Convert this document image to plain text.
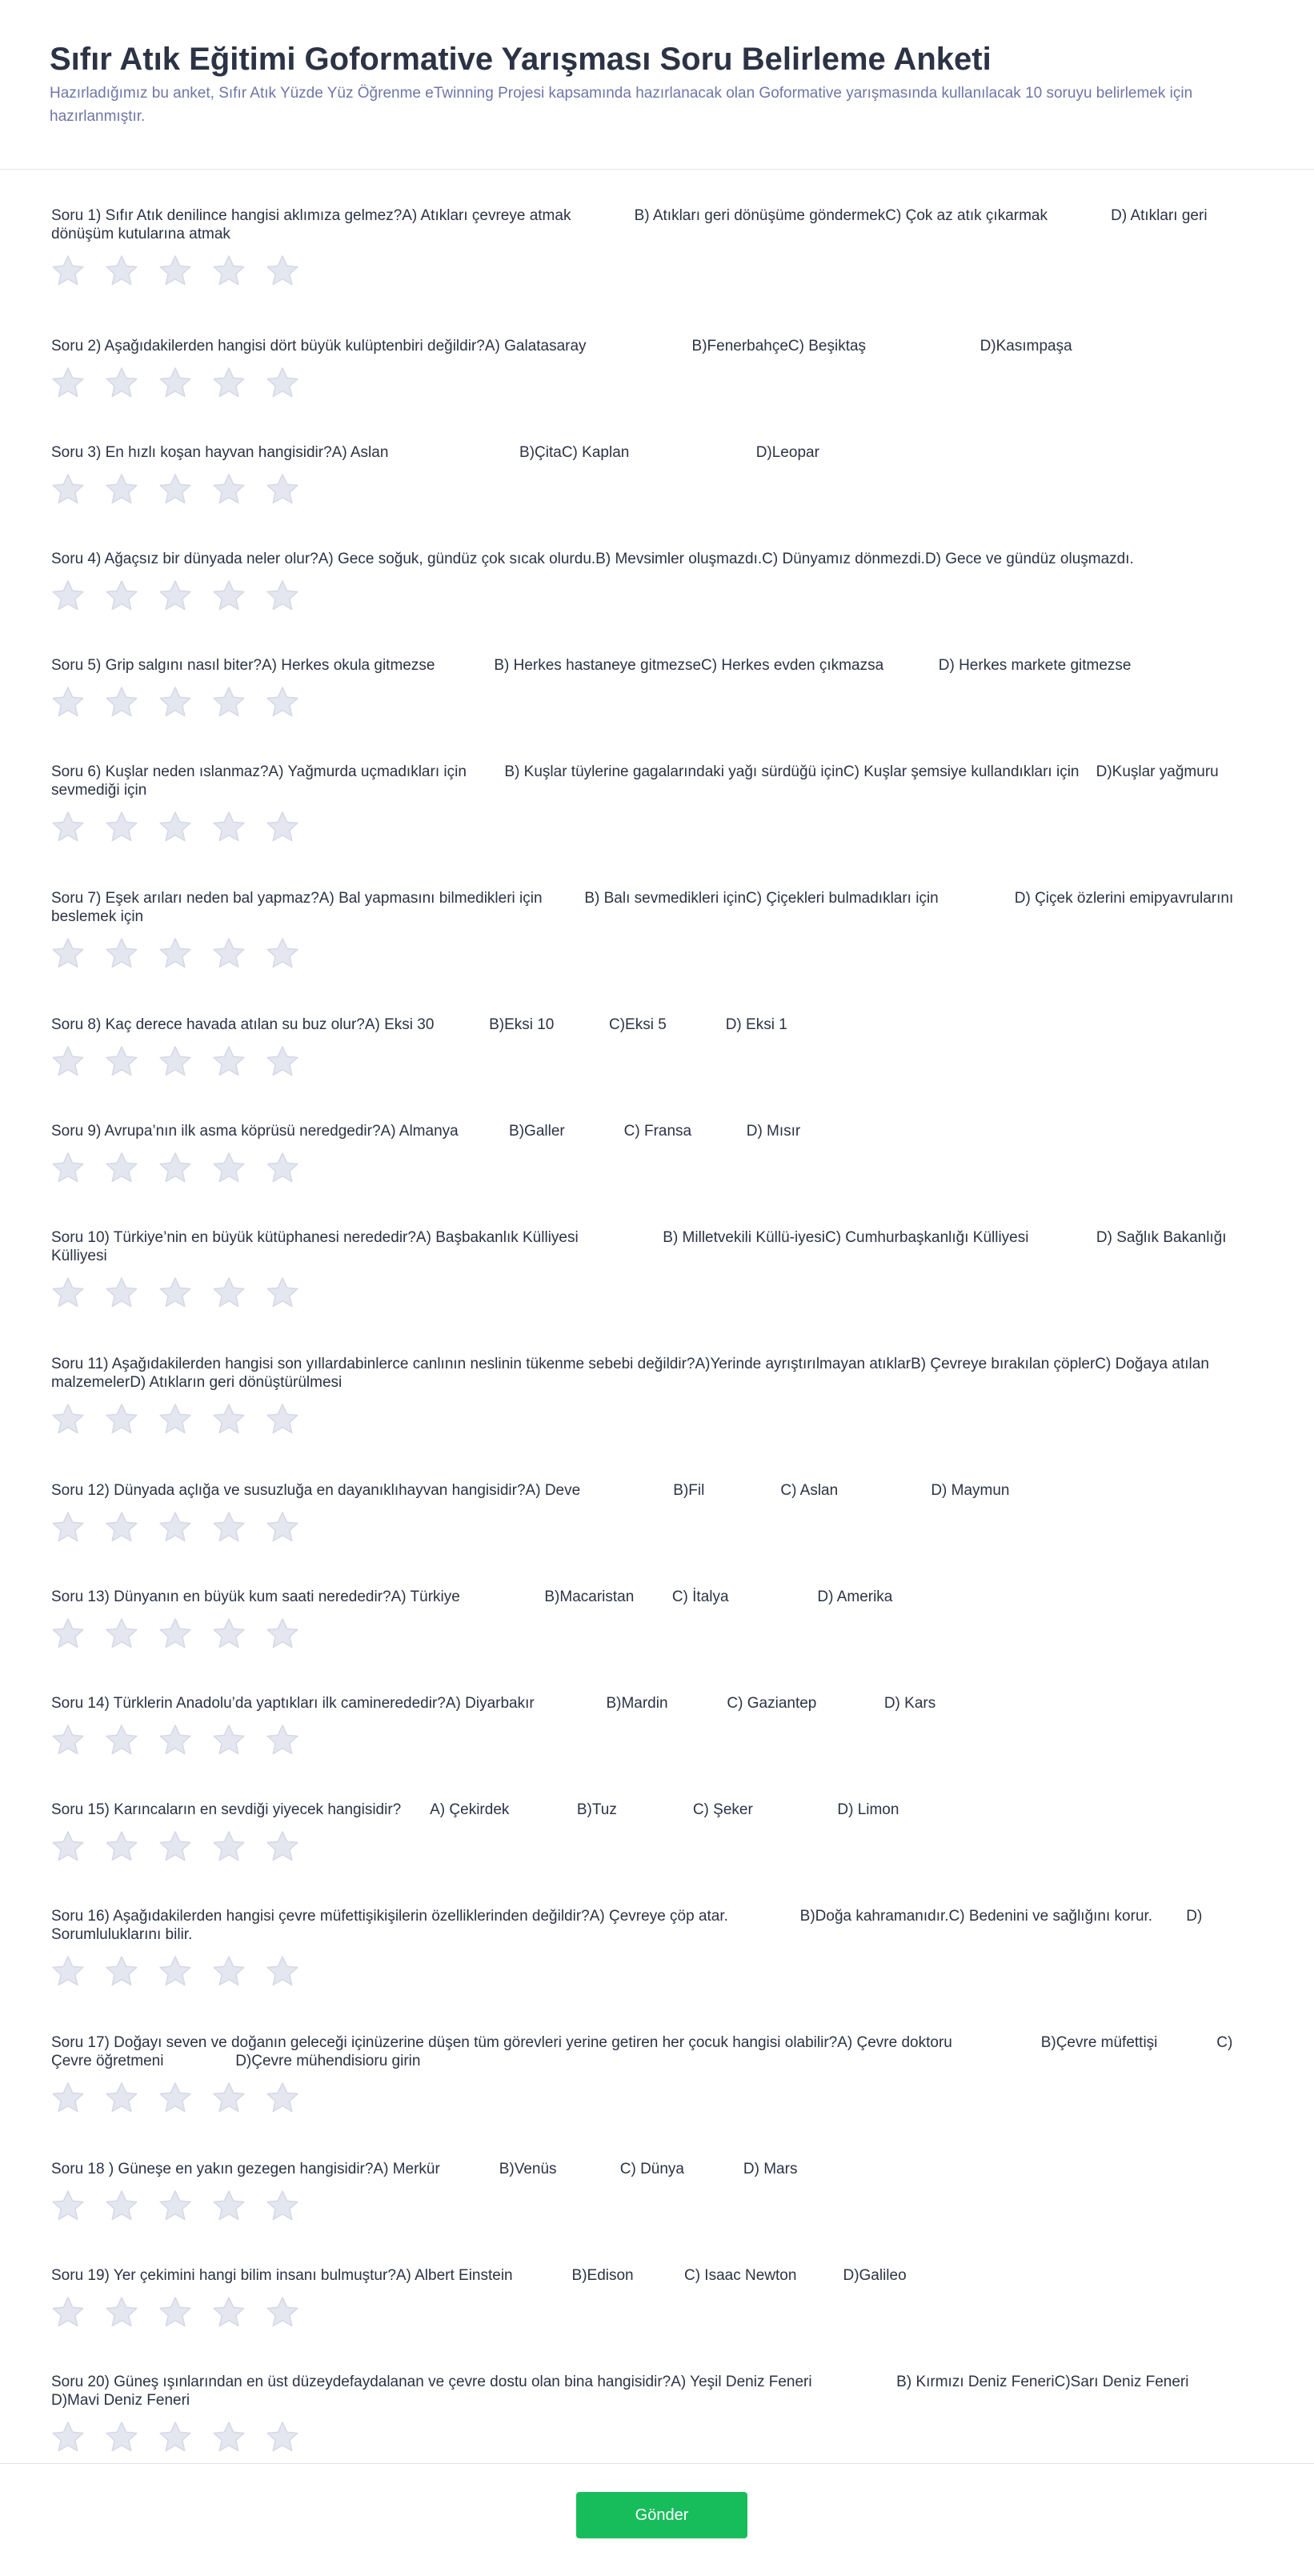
Sıfır Atık Eğitimi Goformative Yarışması Soru Belirleme Anketi

Hazırladığımız bu anket, Sıfır Atık Yüzde Yüz Öğrenme eTwinning Projesi kapsamında hazırlanacak olan Goformative yarışmasında kullanılacak 10 soruyu belirlemek için hazırlanmıştır.

Soru 1) Sıfır Atık denilince hangisi aklımıza gelmez?A) Atıkları çevreye atmak               B) Atıkları geri dönüşüme göndermekC) Çok az atık çıkarmak               D) Atıkları geri dönüşüm kutularına atmak
Soru 2) Aşağıdakilerden hangisi dört büyük kulüptenbiri değildir?A) Galatasaray                         B)FenerbahçeC) Beşiktaş                           D)Kasımpaşa
Soru 3) En hızlı koşan hayvan hangisidir?A) Aslan                               B)ÇitaC) Kaplan                              D)Leopar
Soru 4) Ağaçsız bir dünyada neler olur?A) Gece soğuk, gündüz çok sıcak olurdu.B) Mevsimler oluşmazdı.C) Dünyamız dönmezdi.D) Gece ve gündüz oluşmazdı.
Soru 5) Grip salgını nasıl biter?A) Herkes okula gitmezse              B) Herkes hastaneye gitmezseC) Herkes evden çıkmazsa             D) Herkes markete gitmezse
Soru 6) Kuşlar neden ıslanmaz?A) Yağmurda uçmadıkları için         B) Kuşlar tüylerine gagalarındaki yağı sürdüğü içinC) Kuşlar şemsiye kullandıkları için    D)Kuşlar yağmuru sevmediği için
Soru 7) Eşek arıları neden bal yapmaz?A) Bal yapmasını bilmedikleri için          B) Balı sevmedikleri içinC) Çiçekleri bulmadıkları için                  D) Çiçek özlerini emipyavrularını beslemek için
Soru 8) Kaç derece havada atılan su buz olur?A) Eksi 30             B)Eksi 10             C)Eksi 5              D) Eksi 1
Soru 9) Avrupa’nın ilk asma köprüsü neredgedir?A) Almanya            B)Galler              C) Fransa             D) Mısır
Soru 10) Türkiye’nin en büyük kütüphanesi nerededir?A) Başbakanlık Külliyesi                    B) Milletvekili Küllü-iyesiC) Cumhurbaşkanlığı Külliyesi                D) Sağlık Bakanlığı Külliyesi
Soru 11) Aşağıdakilerden hangisi son yıllardabinlerce canlının neslinin tükenme sebebi değildir?A)Yerinde ayrıştırılmayan atıklarB) Çevreye bırakılan çöplerC) Doğaya atılan malzemelerD) Atıkların geri dönüştürülmesi
Soru 12) Dünyada açlığa ve susuzluğa en dayanıklıhayvan hangisidir?A) Deve                      B)Fil                  C) Aslan                      D) Maymun
Soru 13) Dünyanın en büyük kum saati nerededir?A) Türkiye                    B)Macaristan         C) İtalya                     D) Amerika
Soru 14) Türklerin Anadolu’da yaptıkları ilk caminerededir?A) Diyarbakır                 B)Mardin              C) Gaziantep                D) Kars
Soru 15) Karıncaların en sevdiği yiyecek hangisidir?       A) Çekirdek                B)Tuz                  C) Şeker                    D) Limon
Soru 16) Aşağıdakilerden hangisi çevre müfettişikişilerin özelliklerinden değildir?A) Çevreye çöp atar.                 B)Doğa kahramanıdır.C) Bedenini ve sağlığını korur.        D) Sorumluluklarını bilir.
Soru 17) Doğayı seven ve doğanın geleceği içinüzerine düşen tüm görevleri yerine getiren her çocuk hangisi olabilir?A) Çevre doktoru                     B)Çevre müfettişi              C) Çevre öğretmeni                 D)Çevre mühendisioru girin
Soru 18 ) Güneşe en yakın gezegen hangisidir?A) Merkür              B)Venüs               C) Dünya              D) Mars
Soru 19) Yer çekimini hangi bilim insanı bulmuştur?A) Albert Einstein              B)Edison            C) Isaac Newton           D)Galileo
Soru 20) Güneş ışınlarından en üst düzeydefaydalanan ve çevre dostu olan bina hangisidir?A) Yeşil Deniz Feneri                    B) Kırmızı Deniz FeneriC)Sarı Deniz Feneri                D)Mavi Deniz Feneri
Gönder
